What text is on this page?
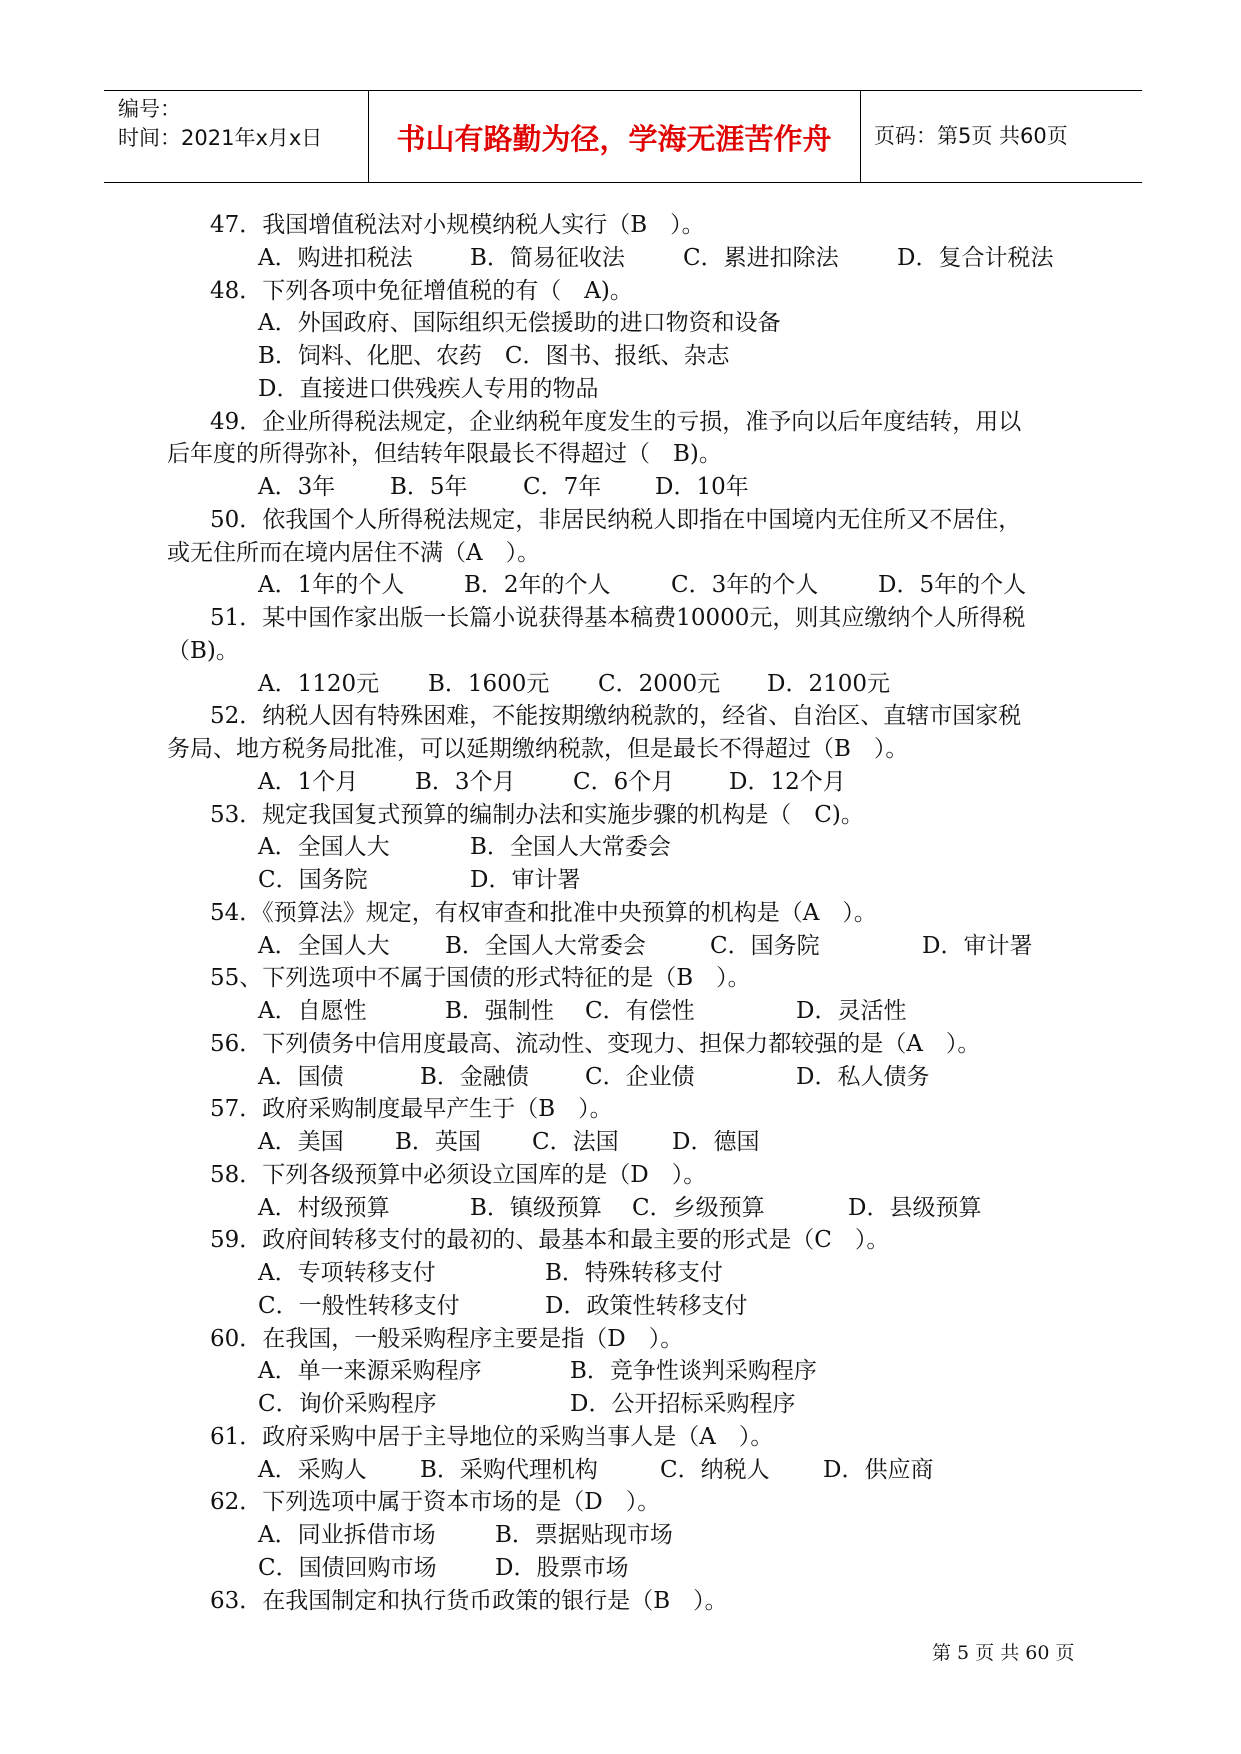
编号：
时间：2021年x月x日	书山有路勤为径，学海无涯苦作舟	页码：第5页 共60页
47．我国增值税法对小规模纳税人实行（B　）。
A．购进扣税法 B．简易征收法	C．累进扣除法	D．复合计税法
48．下列各项中免征增值税的有（　A)。
A．外国政府、国际组织无偿援助的进口物资和设备
B．饲料、化肥、农药　C．图书、报纸、杂志
D．直接进口供残疾人专用的物品
49．企业所得税法规定，企业纳税年度发生的亏损，准予向以后年度结转，用以
后年度的所得弥补，但结转年限最长不得超过（　B)。
A．3年 B．5年 C．7年 D．10年
50．依我国个人所得税法规定，非居民纳税人即指在中国境内无住所又不居住，
或无住所而在境内居住不满（A　）。
A．1年的个人	B．2年的个人	C．3年的个人	D．5年的个人
51．某中国作家出版一长篇小说获得基本稿费10000元，则其应缴纳个人所得税
（B)。
A．1120元 B．1600元 C．2000元 D．2100元
52．纳税人因有特殊困难，不能按期缴纳税款的，经省、自治区、直辖市国家税
务局、地方税务局批准，可以延期缴纳税款，但是最长不得超过（B　）。
A．1个月 B．3个月 C．6个月 D．12个月
53．规定我国复式预算的编制办法和实施步骤的机构是（　C)。
A．全国人大	B．全国人大常委会
C．国务院	D．审计署
54．《预算法》规定，有权审查和批准中央预算的机构是（A　）。
A．全国人大 B．全国人大常委会	C．国务院	D．审计署
55、下列选项中不属于国债的形式特征的是（B　）。
A．自愿性	B．强制性 C．有偿性	D．灵活性
56．下列债务中信用度最高、流动性、变现力、担保力都较强的是（A　）。
A．国债	B．金融债 C．企业债	D．私人债务
57．政府采购制度最早产生于（B　）。
A．美国 B．英国 C．法国 D．德国
58．下列各级预算中必须设立国库的是（D　）。
A．村级预算	B．镇级预算 C．乡级预算	D．县级预算
59．政府间转移支付的最初的、最基本和最主要的形式是（C　）。
A．专项转移支付	B．特殊转移支付
C．一般性转移支付	D．政策性转移支付
60．在我国，一般采购程序主要是指（D　）。
A．单一来源采购程序	B．竞争性谈判采购程序
C．询价采购程序	D．公开招标采购程序
61．政府采购中居于主导地位的采购当事人是（A　）。
A．采购人 B．采购代理机构	C．纳税人 D．供应商
62．下列选项中属于资本市场的是（D　）。
A．同业拆借市场	B．票据贴现市场
C．国债回购市场	D．股票市场
63．在我国制定和执行货币政策的银行是（B　）。
第 5 页 共 60 页
